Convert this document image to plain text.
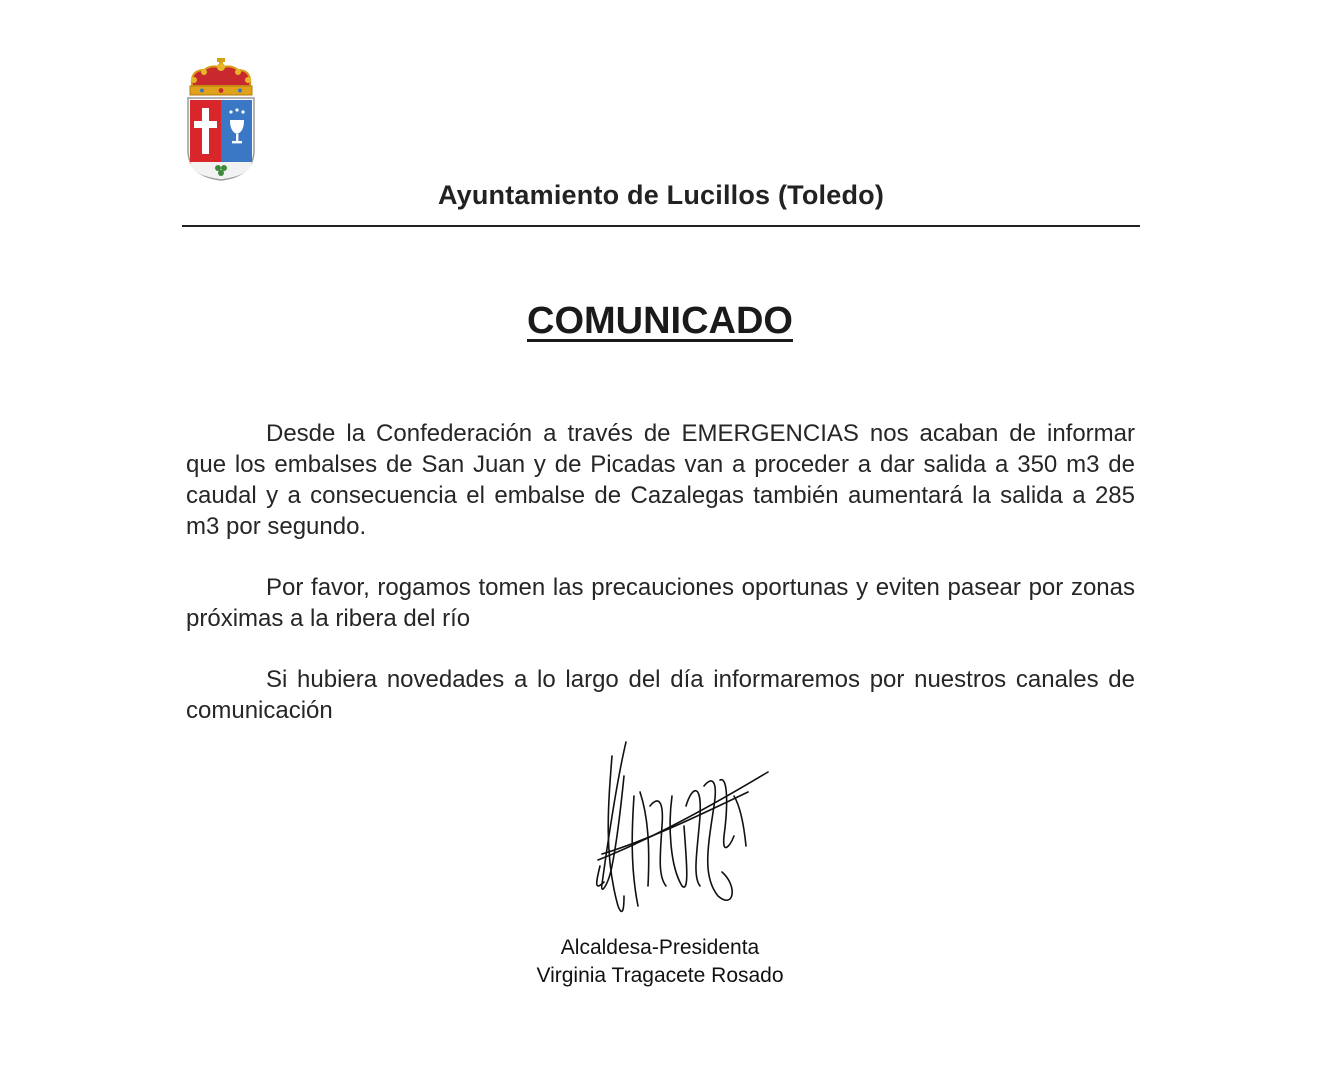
Ayuntamiento de Lucillos (Toledo)
COMUNICADO

Desde la Confederación a través de EMERGENCIAS nos acaban de informar que los embalses de San Juan y de Picadas van a proceder a dar salida a 350 m3 de caudal y a consecuencia el embalse de Cazalegas también aumentará la salida a 285 m3 por segundo.

Por favor, rogamos tomen las precauciones oportunas y eviten pasear por zonas próximas a la ribera del río

Si hubiera novedades a lo largo del día informaremos por nuestros canales de comunicación

Alcaldesa-Presidenta
Virginia Tragacete Rosado
